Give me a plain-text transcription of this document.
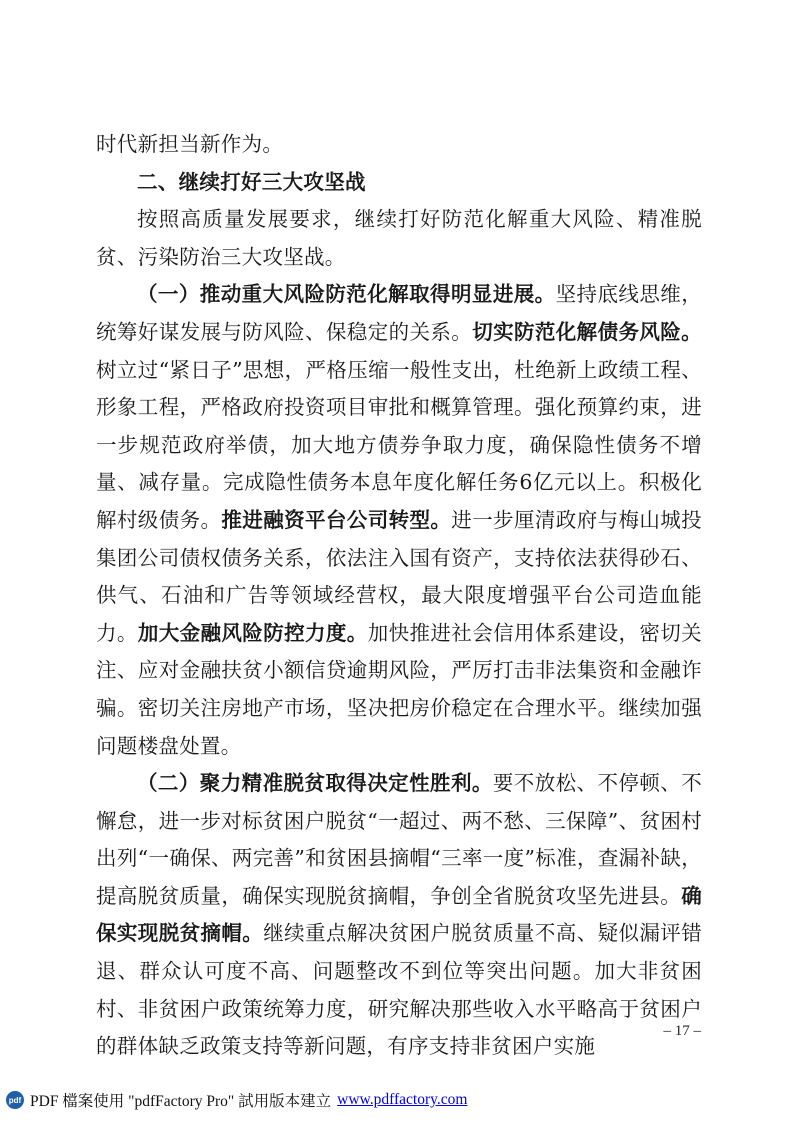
时代新担当新作为。

二、继续打好三大攻坚战

按照高质量发展要求，继续打好防范化解重大风险、精准脱贫、污染防治三大攻坚战。

（一）推动重大风险防范化解取得明显进展。坚持底线思维，统筹好谋发展与防风险、保稳定的关系。切实防范化解债务风险。树立过“紧日子”思想，严格压缩一般性支出，杜绝新上政绩工程、形象工程，严格政府投资项目审批和概算管理。强化预算约束，进一步规范政府举债，加大地方债券争取力度，确保隐性债务不增量、减存量。完成隐性债务本息年度化解任务6亿元以上。积极化解村级债务。推进融资平台公司转型。进一步厘清政府与梅山城投集团公司债权债务关系，依法注入国有资产，支持依法获得砂石、供气、石油和广告等领域经营权，最大限度增强平台公司造血能力。加大金融风险防控力度。加快推进社会信用体系建设，密切关注、应对金融扶贫小额信贷逾期风险，严厉打击非法集资和金融诈骗。密切关注房地产市场，坚决把房价稳定在合理水平。继续加强问题楼盘处置。

（二）聚力精准脱贫取得决定性胜利。要不放松、不停顿、不懈怠，进一步对标贫困户脱贫“一超过、两不愁、三保障”、贫困村出列“一确保、两完善”和贫困县摘帽“三率一度”标准，查漏补缺，提高脱贫质量，确保实现脱贫摘帽，争创全省脱贫攻坚先进县。确保实现脱贫摘帽。继续重点解决贫困户脱贫质量不高、疑似漏评错退、群众认可度不高、问题整改不到位等突出问题。加大非贫困村、非贫困户政策统筹力度，研究解决那些收入水平略高于贫困户的群体缺乏政策支持等新问题，有序支持非贫困户实施

– 17 –
pdf PDF 檔案使用 "pdfFactory Pro" 試用版本建立 www.pdffactory.com
